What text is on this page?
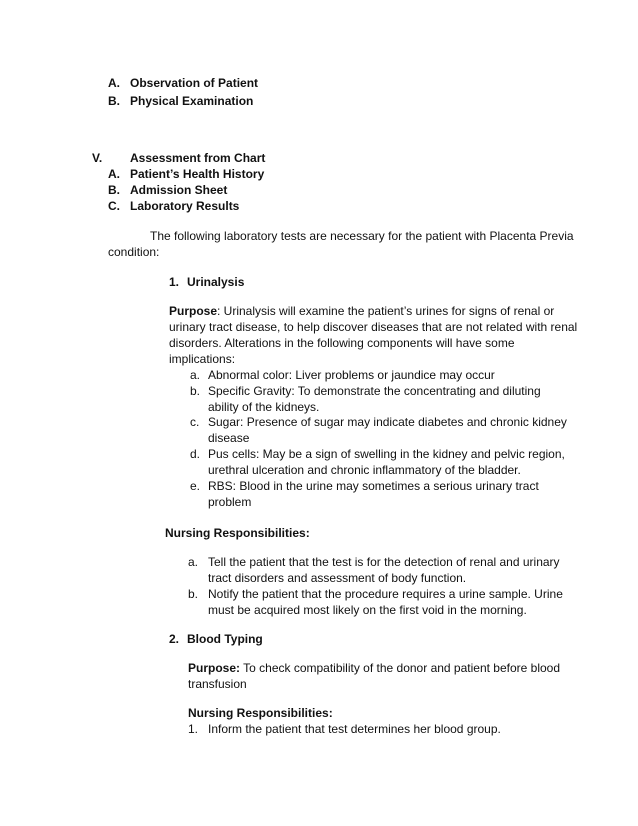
A. Observation of Patient
B. Physical Examination
V. Assessment from Chart
A. Patient’s Health History
B. Admission Sheet
C. Laboratory Results
The following laboratory tests are necessary for the patient with Placenta Previa
condition:
1. Urinalysis
Purpose: Urinalysis will examine the patient’s urines for signs of renal or
urinary tract disease, to help discover diseases that are not related with renal
disorders. Alterations in the following components will have some
implications:
a. Abnormal color: Liver problems or jaundice may occur
b. Specific Gravity: To demonstrate the concentrating and diluting
ability of the kidneys.
c. Sugar: Presence of sugar may indicate diabetes and chronic kidney
disease
d. Pus cells: May be a sign of swelling in the kidney and pelvic region,
urethral ulceration and chronic inflammatory of the bladder.
e. RBS: Blood in the urine may sometimes a serious urinary tract
problem
Nursing Responsibilities:
a. Tell the patient that the test is for the detection of renal and urinary
tract disorders and assessment of body function.
b. Notify the patient that the procedure requires a urine sample. Urine
must be acquired most likely on the first void in the morning.
2. Blood Typing
Purpose: To check compatibility of the donor and patient before blood
transfusion
Nursing Responsibilities:
1. Inform the patient that test determines her blood group.
